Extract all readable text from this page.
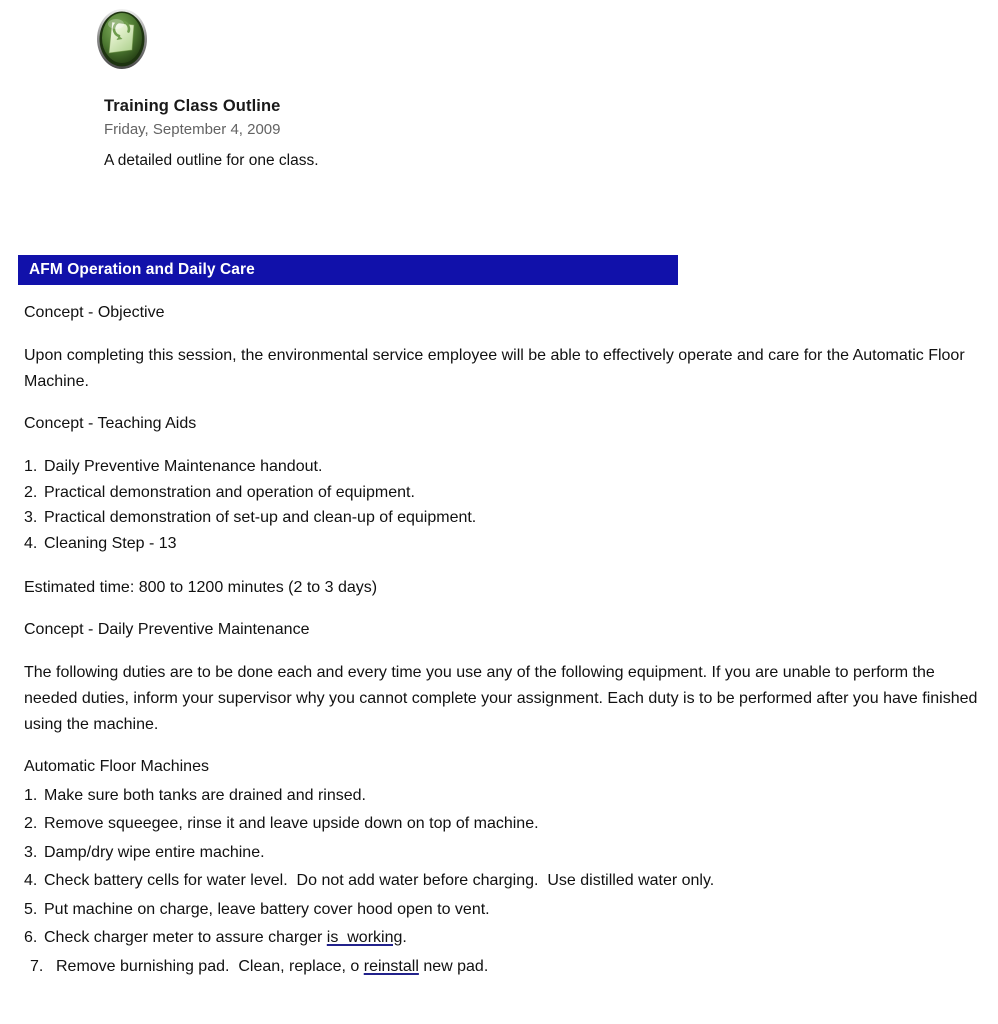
Training Class Outline
Friday, September 4, 2009
A detailed outline for one class.
AFM Operation and Daily Care

Concept - Objective

Upon completing this session, the environmental service employee will be able to effectively operate and care for the Automatic Floor Machine.

Concept - Teaching Aids

1. Daily Preventive Maintenance handout.
2. Practical demonstration and operation of equipment.
3. Practical demonstration of set-up and clean-up of equipment.
4. Cleaning Step - 13

Estimated time: 800 to 1200 minutes (2 to 3 days)

Concept - Daily Preventive Maintenance

The following duties are to be done each and every time you use any of the following equipment. If you are unable to perform the needed duties, inform your supervisor why you cannot complete your assignment. Each duty is to be performed after you have finished using the machine.

Automatic Floor Machines

1. Make sure both tanks are drained and rinsed.
2. Remove squeegee, rinse it and leave upside down on top of machine.
3. Damp/dry wipe entire machine.
4. Check battery cells for water level.  Do not add water before charging.  Use distilled water only.
5. Put machine on charge, leave battery cover hood open to vent.
6. Check charger meter to assure charger is  working.
7. Remove burnishing pad.  Clean, replace, o reinstall new pad.
